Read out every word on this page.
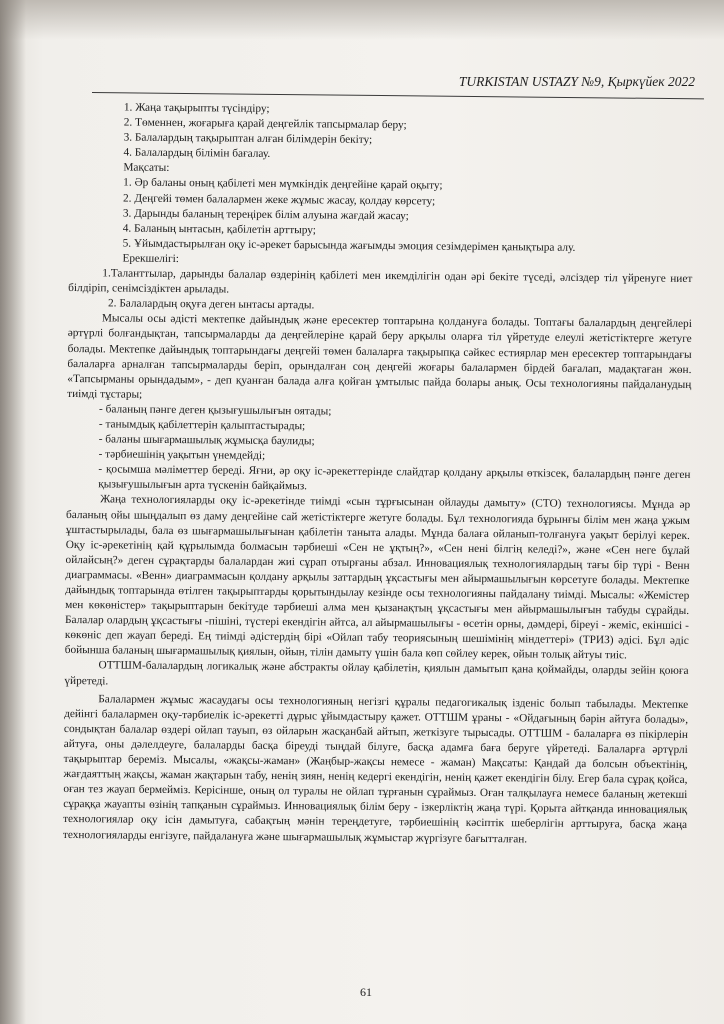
TURKISTAN USTAZY №9, Қыркүйек 2022
1. Жаңа тақырыпты түсіндіру;
2. Төменнен, жоғарыға қарай деңгейлік тапсырмалар беру;
3. Балалардың тақырыптан алған білімдерін бекіту;
4. Балалардың білімін бағалау.
Мақсаты:
1. Әр баланы оның қабілеті мен мүмкіндік деңгейіне қарай оқыту;
2. Деңгейі төмен балалармен жеке жұмыс жасау, қолдау көрсету;
3. Дарынды баланың тереңірек білім алуына жағдай жасау;
4. Баланың ынтасын, қабілетін арттыру;
5. Ұйымдастырылған оқу іс-әрекет барысында жағымды эмоция сезімдерімен қанықтыра алу.
Ерекшелігі:

1.Таланттылар, дарынды балалар өздерінің қабілеті мен икемділігін одан әрі бекіте түседі, әлсіздер тіл үйренуге ниет білдіріп, сенімсіздіктен арылады.

2. Балалардың оқуға деген ынтасы артады.

Мысалы осы әдісті мектепке дайындық және ересектер топтарына қолдануға болады. Топтағы балалардың деңгейлері әртүрлі болғандықтан, тапсырмаларды да деңгейлеріне қарай беру арқылы оларға тіл үйретуде елеулі жетістіктерге жетуге болады. Мектепке дайындық топтарындағы деңгейі төмен балаларға тақырыпқа сәйкес естиярлар мен ересектер топтарындағы балаларға арналған тапсырмаларды беріп, орындалған соң деңгейі жоғары балалармен бірдей бағалап, мадақтаған жөн. «Тапсырманы орындадым», - деп қуанған балада алға қойған ұмтылыс пайда болары анық. Осы технологияны пайдаланудың тиімді тұстары;

- баланың пәнге деген қызығушылығын оятады;
- танымдық қабілеттерін қалыптастырады;
- баланы шығармашылық жұмысқа баулиды;
- тәрбиешінің уақытын үнемдейді;

- қосымша мәліметтер береді. Яғни, әр оқу іс-әрекеттерінде слайдтар қолдану арқылы өткізсек, балалардың пәнге деген қызығушылығын арта түскенін байқаймыз.

Жаңа технологияларды оқу іс-әрекетінде тиімді «сын тұрғысынан ойлауды дамыту» (СТО) технологиясы. Мұнда әр баланың ойы шыңдалып өз даму деңгейіне сай жетістіктерге жетуге болады. Бұл технологияда бұрынғы білім мен жаңа ұжым ұштастырылады, бала өз шығармашылығынан қабілетін таныта алады. Мұнда балаға ойланып-толғануға уақыт берілуі керек. Оқу іс-әрекетінің қай құрылымда болмасын тәрбиеші «Сен не ұқтың?», «Сен нені білгің келеді?», және «Сен неге бұлай ойлайсың?» деген сұрақтарды балалардан жиі сұрап отырғаны абзал. Инновациялық технологиялардың тағы бір түрі - Венн диаграммасы. «Венн» диаграммасын қолдану арқылы заттардың ұқсастығы мен айырмашылығын көрсетуге болады. Мектепке дайындық топтарында өтілген тақырыптарды қорытындылау кезінде осы технологияны пайдалану тиімді. Мысалы: «Жемістер мен көкөністер» тақырыптарын бекітуде тәрбиеші алма мен қызанақтың ұқсастығы мен айырмашылығын табуды сұрайды. Балалар олардың ұқсастығы -пішіні, түстері екендігін айтса, ал айырмашылығы - өсетін орны, дәмдері, біреуі - жеміс, екіншісі - көкөніс деп жауап береді. Ең тиімді әдістердің бірі «Ойлап табу теориясының шешімінің міндеттері» (ТРИЗ) әдісі. Бұл әдіс бойынша баланың шығармашылық қиялын, ойын, тілін дамыту үшін бала көп сөйлеу керек, ойын толық айтуы тиіс.

ОТТШМ-балалардың логикалық және абстракты ойлау қабілетін, қиялын дамытып қана қоймайды, оларды зейін қоюға үйретеді.

Балалармен жұмыс жасаудағы осы технологияның негізгі құралы педагогикалық ізденіс болып табылады. Мектепке дейінгі балалармен оқу-тәрбиелік іс-әрекетті дұрыс ұйымдастыру қажет. ОТТШМ ұраны - «Ойдағының бәрін айтуға болады», сондықтан балалар өздері ойлап тауып, өз ойларын жасқанбай айтып, жеткізуге тырысады. ОТТШМ - балаларға өз пікірлерін айтуға, оны дәлелдеуге, балаларды басқа біреуді тыңдай білуге, басқа адамға баға беруге үйретеді. Балаларға әртүрлі тақырыптар береміз. Мысалы, «жақсы-жаман» (Жаңбыр-жақсы немесе - жаман) Мақсаты: Қандай да болсын объектінің, жағдаяттың жақсы, жаман жақтарын табу, ненің зиян, ненің кедергі екендігін, ненің қажет екендігін білу. Егер бала сұрақ қойса, оған тез жауап бермейміз. Керісінше, оның ол туралы не ойлап тұрғанын сұраймыз. Оған талқылауға немесе баланың жетекші сұраққа жауапты өзінің тапқанын сұраймыз. Инновациялық білім беру - ізкерліктің жаңа түрі. Қорыта айтқанда инновациялық технологиялар оқу ісін дамытуға, сабақтың мәнін тереңдетуге, тәрбиешінің кәсіптік шеберлігін арттыруға, басқа жаңа технологияларды енгізуге, пайдалануға және шығармашылық жұмыстар жүргізуге бағытталған.

61
